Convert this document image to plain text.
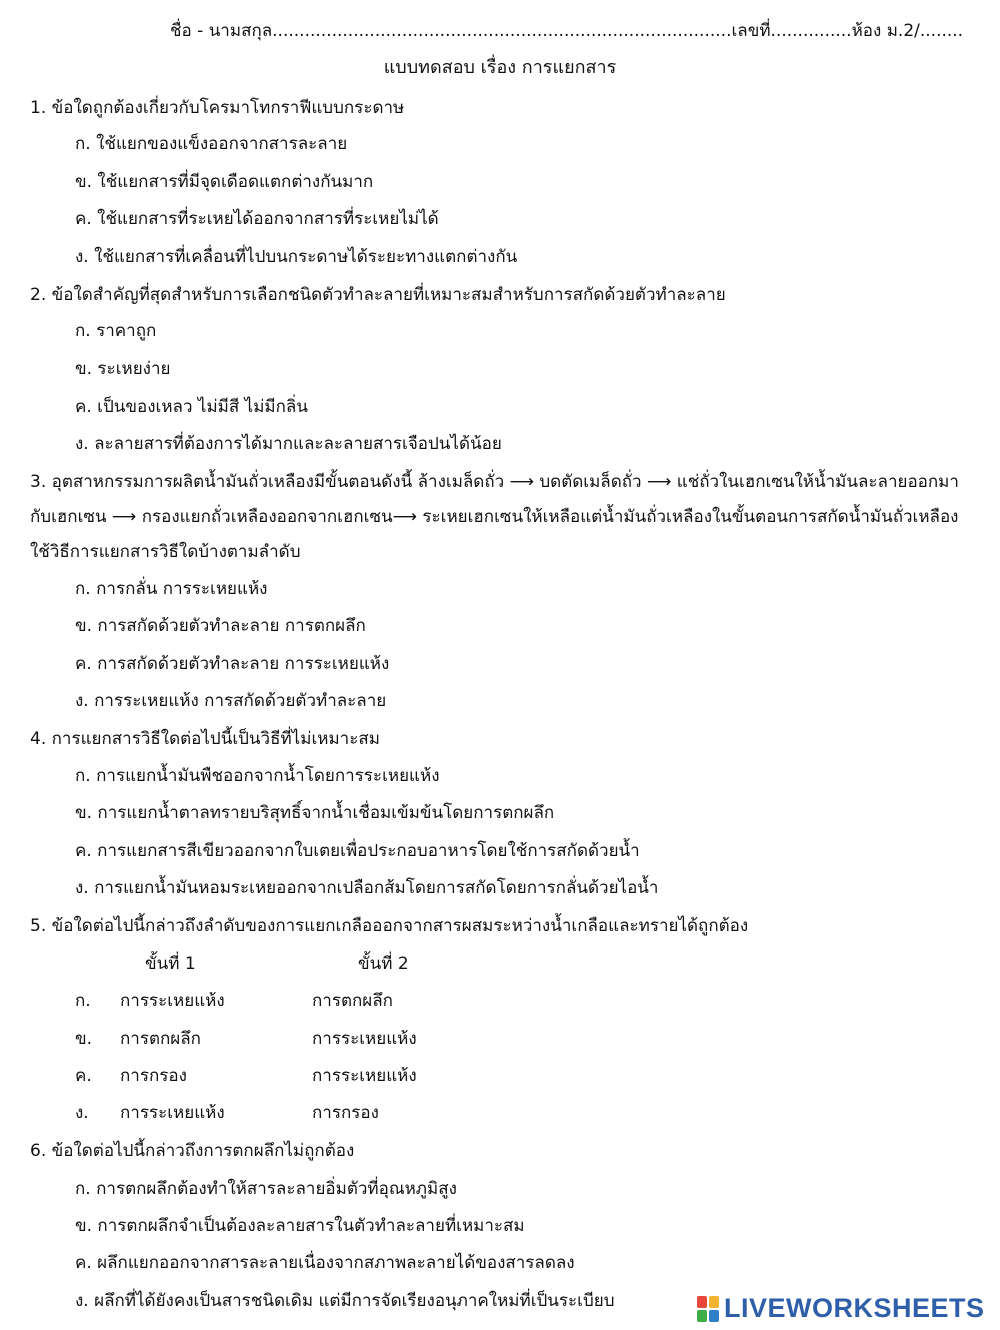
ชื่อ - นามสกุล.....................................................................................เลขที่...............ห้อง ม.2/........
แบบทดสอบ เรื่อง การแยกสาร
1. ข้อใดถูกต้องเกี่ยวกับโครมาโทกราฟีแบบกระดาษ
ก. ใช้แยกของแข็งออกจากสารละลาย
ข. ใช้แยกสารที่มีจุดเดือดแตกต่างกันมาก
ค. ใช้แยกสารที่ระเหยได้ออกจากสารที่ระเหยไม่ได้
ง. ใช้แยกสารที่เคลื่อนที่ไปบนกระดาษได้ระยะทางแตกต่างกัน
2. ข้อใดสำคัญที่สุดสำหรับการเลือกชนิดตัวทำละลายที่เหมาะสมสำหรับการสกัดด้วยตัวทำละลาย
ก. ราคาถูก
ข. ระเหยง่าย
ค. เป็นของเหลว ไม่มีสี ไม่มีกลิ่น
ง. ละลายสารที่ต้องการได้มากและละลายสารเจือปนได้น้อย
3. อุตสาหกรรมการผลิตน้ำมันถั่วเหลืองมีขั้นตอนดังนี้ ล้างเมล็ดถั่ว ⟶ บดตัดเมล็ดถั่ว ⟶ แช่ถั่วในเฮกเซนให้น้ำมันละลายออกมากับเฮกเซน ⟶ กรองแยกถั่วเหลืองออกจากเฮกเซน⟶ ระเหยเฮกเซนให้เหลือแต่น้ำมันถั่วเหลืองในขั้นตอนการสกัดน้ำมันถั่วเหลืองใช้วิธีการแยกสารวิธีใดบ้างตามลำดับ
ก. การกลั่น การระเหยแห้ง
ข. การสกัดด้วยตัวทำละลาย การตกผลึก
ค. การสกัดด้วยตัวทำละลาย การระเหยแห้ง
ง. การระเหยแห้ง การสกัดด้วยตัวทำละลาย
4. การแยกสารวิธีใดต่อไปนี้เป็นวิธีที่ไม่เหมาะสม
ก. การแยกน้ำมันพืชออกจากน้ำโดยการระเหยแห้ง
ข. การแยกน้ำตาลทรายบริสุทธิ์จากน้ำเชื่อมเข้มข้นโดยการตกผลึก
ค. การแยกสารสีเขียวออกจากใบเตยเพื่อประกอบอาหารโดยใช้การสกัดด้วยน้ำ
ง. การแยกน้ำมันหอมระเหยออกจากเปลือกส้มโดยการสกัดโดยการกลั่นด้วยไอน้ำ
5. ข้อใดต่อไปนี้กล่าวถึงลำดับของการแยกเกลือออกจากสารผสมระหว่างน้ำเกลือและทรายได้ถูกต้อง
ขั้นที่ 1	ขั้นที่ 2
ก. การระเหยแห้ง	การตกผลึก
ข. การตกผลึก	การระเหยแห้ง
ค. การกรอง	การระเหยแห้ง
ง. การระเหยแห้ง	การกรอง
6. ข้อใดต่อไปนี้กล่าวถึงการตกผลึกไม่ถูกต้อง
ก. การตกผลึกต้องทำให้สารละลายอิ่มตัวที่อุณหภูมิสูง
ข. การตกผลึกจำเป็นต้องละลายสารในตัวทำละลายที่เหมาะสม
ค. ผลึกแยกออกจากสารละลายเนื่องจากสภาพละลายได้ของสารลดลง
ง. ผลึกที่ได้ยังคงเป็นสารชนิดเดิม แต่มีการจัดเรียงอนุภาคใหม่ที่เป็นระเบียบ	LIVEWORKSHEETS
